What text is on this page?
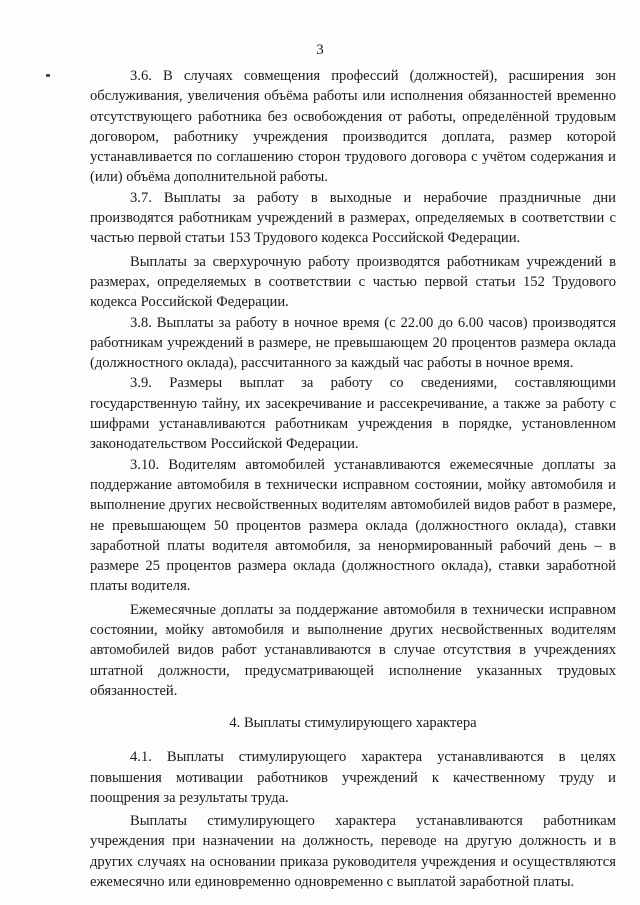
3

3.6. В случаях совмещения профессий (должностей), расширения зон обслуживания, увеличения объёма работы или исполнения обязанностей временно отсутствующего работника без освобождения от работы, определённой трудовым договором, работнику учреждения производится доплата, размер которой устанавливается по соглашению сторон трудового договора с учётом содержания и (или) объёма дополнительной работы.

3.7. Выплаты за работу в выходные и нерабочие праздничные дни производятся работникам учреждений в размерах, определяемых в соответствии с частью первой статьи 153 Трудового кодекса Российской Федерации.

Выплаты за сверхурочную работу производятся работникам учреждений в размерах, определяемых в соответствии с частью первой статьи 152 Трудового кодекса Российской Федерации.

3.8. Выплаты за работу в ночное время (с 22.00 до 6.00 часов) производятся работникам учреждений в размере, не превышающем 20 процентов размера оклада (должностного оклада), рассчитанного за каждый час работы в ночное время.

3.9. Размеры выплат за работу со сведениями, составляющими государственную тайну, их засекречивание и рассекречивание, а также за работу с шифрами устанавливаются работникам учреждения в порядке, установленном законодательством Российской Федерации.

3.10. Водителям автомобилей устанавливаются ежемесячные доплаты за поддержание автомобиля в технически исправном состоянии, мойку автомобиля и выполнение других несвойственных водителям автомобилей видов работ в размере, не превышающем 50 процентов размера оклада (должностного оклада), ставки заработной платы водителя автомобиля, за ненормированный рабочий день – в размере 25 процентов размера оклада (должностного оклада), ставки заработной платы водителя.

Ежемесячные доплаты за поддержание автомобиля в технически исправном состоянии, мойку автомобиля и выполнение других несвойственных водителям автомобилей видов работ устанавливаются в случае отсутствия в учреждениях штатной должности, предусматривающей исполнение указанных трудовых обязанностей.

4. Выплаты стимулирующего характера

4.1. Выплаты стимулирующего характера устанавливаются в целях повышения мотивации работников учреждений к качественному труду и поощрения за результаты труда.

Выплаты стимулирующего характера устанавливаются работникам учреждения при назначении на должность, переводе на другую должность и в других случаях на основании приказа руководителя учреждения и осуществляются ежемесячно или единовременно одновременно с выплатой заработной платы.
